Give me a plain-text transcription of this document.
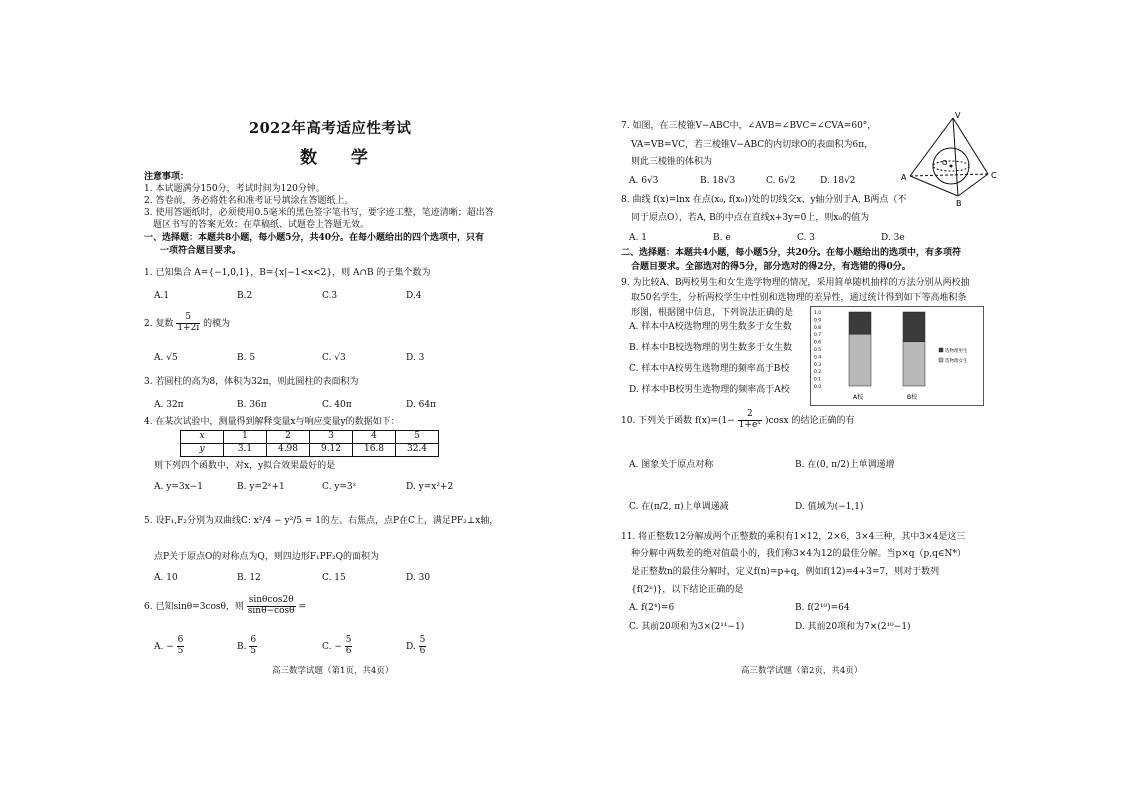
2022年高考适应性考试
数 学
注意事项：
1. 本试题满分150分，考试时间为120分钟。
2. 答卷前，务必将姓名和准考证号填涂在答题纸上。
3. 使用答题纸时，必须使用0.5毫米的黑色签字笔书写，要字迹工整，笔迹清晰；超出答
题区书写的答案无效；在草稿纸、试题卷上答题无效。
一、选择题：本题共8小题，每小题5分，共40分。在每小题给出的四个选项中，只有
一项符合题目要求。
1. 已知集合 A={−1,0,1}，B={x|−1<x<2}，则 A∩B 的子集个数为
A.1	B.2	C.3	D.4
2. 复数 $\frac{5}{1+2i}$ 的模为
A. √5	B. 5	C. √3	D. 3
3. 若圆柱的高为8，体积为32π，则此圆柱的表面积为
A. 32π	B. 36π	C. 40π	D. 64π
4. 在某次试验中，测量得到解释变量x与响应变量y的数据如下：
x	1	2	3	4	5
y	3.1	4.98	9.12	16.8	32.4
则下列四个函数中，对x，y拟合效果最好的是
A. y=3x−1	B. y=2ˣ+1	C. y=3ˣ	D. y=x²+2
5. 设F₁,F₂分别为双曲线C: x²/4 − y²/5 = 1的左、右焦点，点P在C上，满足PF₂⊥x轴，
点P关于原点O的对称点为Q，则四边形F₁PF₂Q的面积为
A. 10	B. 12	C. 15	D. 30
6. 已知sinθ=3cosθ，则 $\frac{\sin\theta\cos 2\theta}{\sin\theta-\cos\theta}$ =
A. − $\frac{6}{5}$	B. $\frac{6}{5}$	C. − $\frac{5}{6}$	D. $\frac{5}{6}$
高三数学试题（第1页，共4页）
7. 如图，在三棱锥V−ABC中，∠AVB=∠BVC=∠CVA=60°，
VA=VB=VC，若三棱锥V−ABC的内切球O的表面积为6π，
则此三棱锥的体积为
A. 6√3	B. 18√3	C. 6√2	D. 18√2
V
A
B
C
O
8. 曲线 f(x)=lnx 在点(x₀, f(x₀))处的切线交x、y轴分别于A, B两点（不
同于原点O），若A, B的中点在直线x+3y=0上，则x₀的值为
A. 1	B. e	C. 3	D. 3e
二、选择题：本题共4小题，每小题5分，共20分。在每小题给出的选项中，有多项符
合题目要求。全部选对的得5分，部分选对的得2分，有选错的得0分。
9. 为比较A、B两校男生和女生选学物理的情况，采用简单随机抽样的方法分别从两校抽
取50名学生，分析两校学生中性别和选物理的差异性，通过统计得到如下等高堆积条
形图，根据图中信息，下列说法正确的是
A. 样本中A校选物理的男生数多于女生数
B. 样本中B校选物理的男生数多于女生数
C. 样本中A校男生选物理的频率高于B校
D. 样本中B校男生选物理的频率高于A校
1.0
0.9
0.8
0.7
0.6
0.5
0.4
0.3
0.2
0.1
0.0
A校	B校
选物理男生
选物理女生
10. 下列关于函数 $f(x)=(1- \frac{2}{\text{1+eˣ}} )\cos x$ 的结论正确的有
A. 图象关于原点对称	B. 在(0, π/2)上单调递增
C. 在(π/2, π)上单调递减	D. 值域为(−1,1)
11. 将正整数12分解成两个正整数的乘积有1×12，2×6，3×4三种，其中3×4是这三
种分解中两数差的绝对值最小的，我们称3×4为12的最佳分解。当p×q（p,q∈N*）
是正整数n的最佳分解时，定义f(n)=p+q，例如f(12)=4+3=7，则对于数列
{f(2ⁿ)}，以下结论正确的是
A. f(2⁴)=6	B. f(2¹⁰)=64
C. 其前20项和为3×(2¹¹−1)	D. 其前20项和为7×(2¹⁰−1)
高三数学试题（第2页，共4页）
